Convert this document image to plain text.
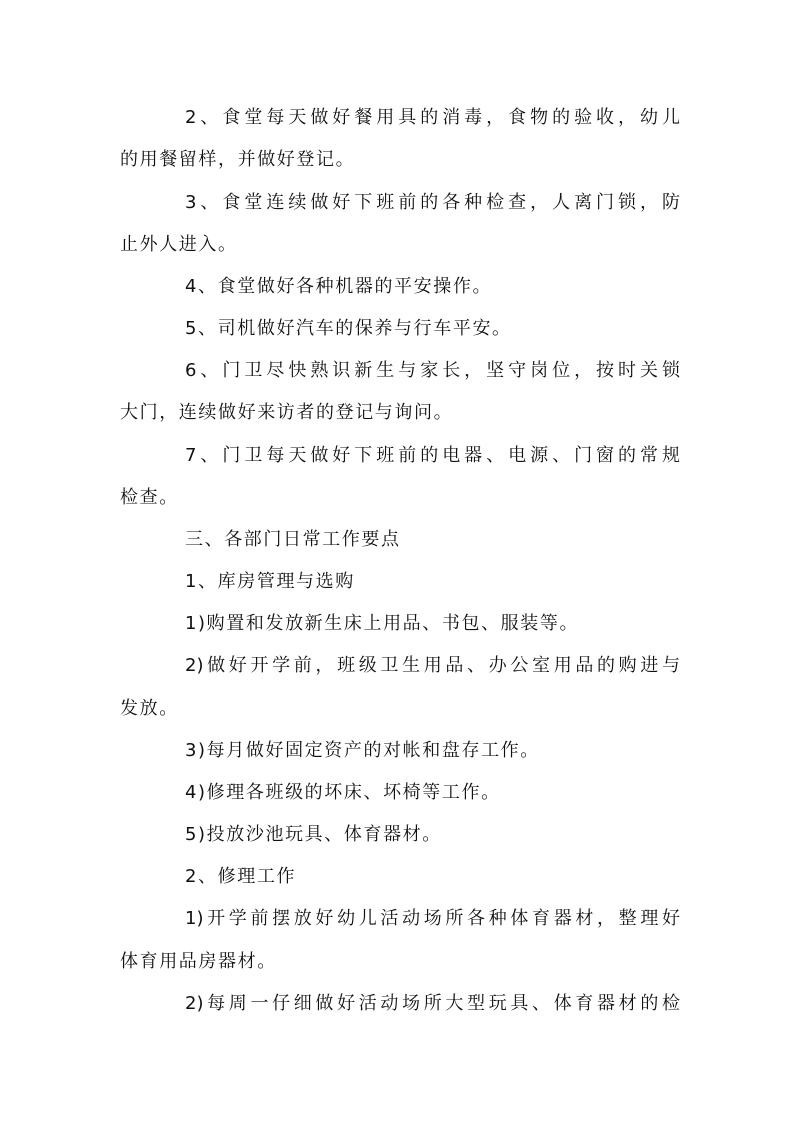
2、食堂每天做好餐用具的消毒，食物的验收，幼儿
的用餐留样，并做好登记。
3、食堂连续做好下班前的各种检查，人离门锁，防
止外人进入。
4、食堂做好各种机器的平安操作。
5、司机做好汽车的保养与行车平安。
6、门卫尽快熟识新生与家长，坚守岗位，按时关锁
大门，连续做好来访者的登记与询问。
7、门卫每天做好下班前的电器、电源、门窗的常规
检查。
三、各部门日常工作要点
1、库房管理与选购
1)购置和发放新生床上用品、书包、服装等。
2)做好开学前，班级卫生用品、办公室用品的购进与
发放。
3)每月做好固定资产的对帐和盘存工作。
4)修理各班级的坏床、坏椅等工作。
5)投放沙池玩具、体育器材。
2、修理工作
1)开学前摆放好幼儿活动场所各种体育器材，整理好
体育用品房器材。
2)每周一仔细做好活动场所大型玩具、体育器材的检
